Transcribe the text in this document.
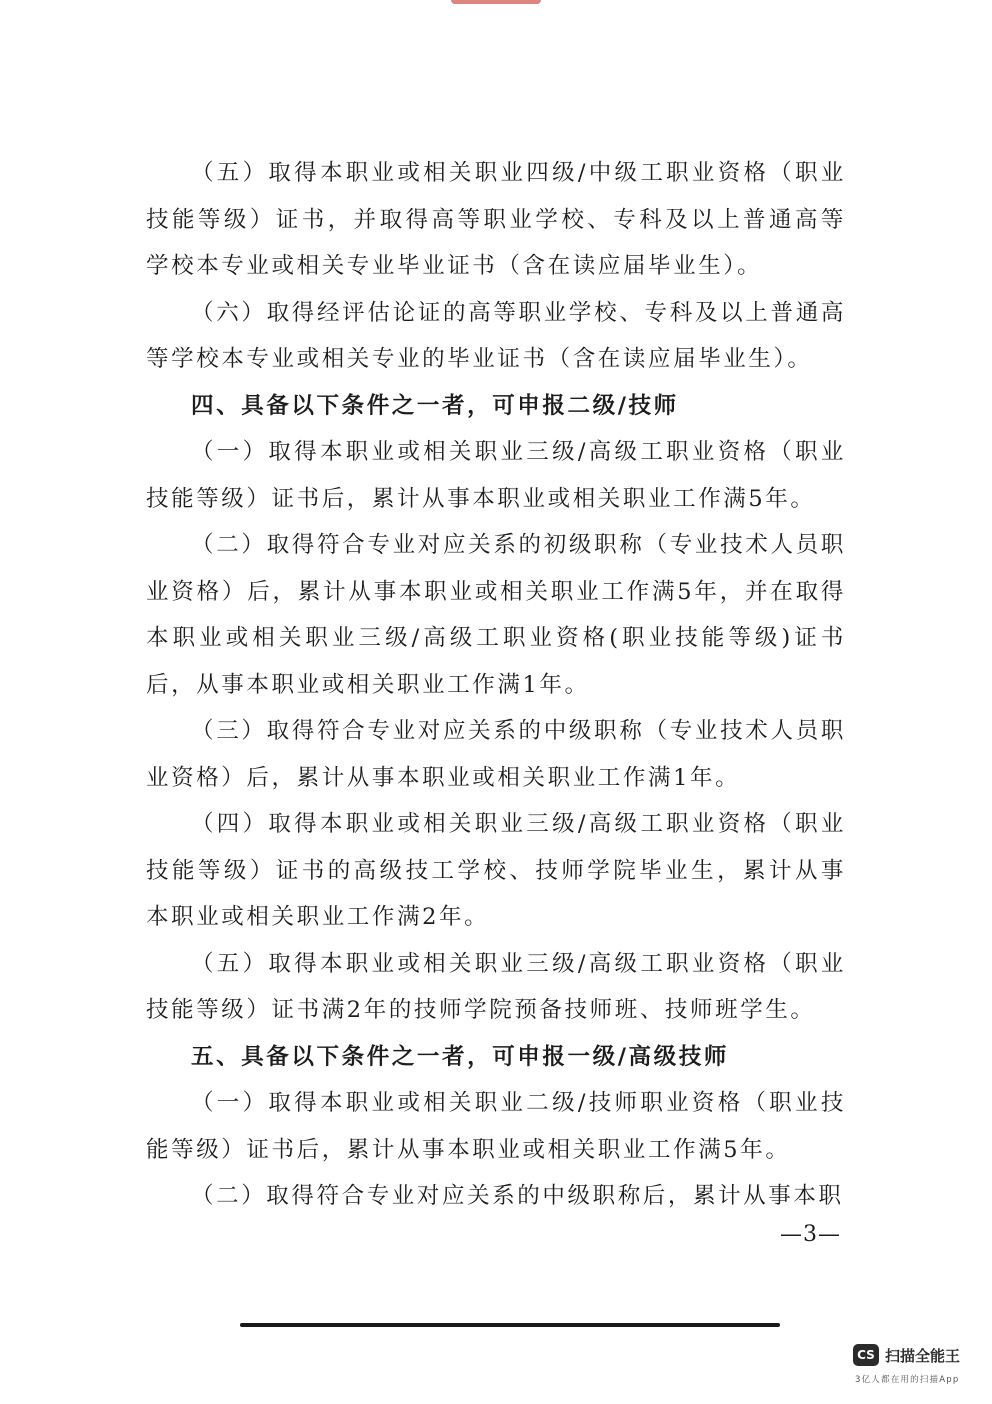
（五）取得本职业或相关职业四级/中级工职业资格（职业技能等级）证书，并取得高等职业学校、专科及以上普通高等学校本专业或相关专业毕业证书（含在读应届毕业生）。

（六）取得经评估论证的高等职业学校、专科及以上普通高等学校本专业或相关专业的毕业证书（含在读应届毕业生）。

四、具备以下条件之一者，可申报二级/技师

（一）取得本职业或相关职业三级/高级工职业资格（职业技能等级）证书后，累计从事本职业或相关职业工作满5年。

（二）取得符合专业对应关系的初级职称（专业技术人员职业资格）后，累计从事本职业或相关职业工作满5年，并在取得本职业或相关职业三级/高级工职业资格(职业技能等级)证书后，从事本职业或相关职业工作满1年。

（三）取得符合专业对应关系的中级职称（专业技术人员职业资格）后，累计从事本职业或相关职业工作满1年。

（四）取得本职业或相关职业三级/高级工职业资格（职业技能等级）证书的高级技工学校、技师学院毕业生，累计从事本职业或相关职业工作满2年。

（五）取得本职业或相关职业三级/高级工职业资格（职业技能等级）证书满2年的技师学院预备技师班、技师班学生。

五、具备以下条件之一者，可申报一级/高级技师

（一）取得本职业或相关职业二级/技师职业资格（职业技能等级）证书后，累计从事本职业或相关职业工作满5年。

（二）取得符合专业对应关系的中级职称后，累计从事本职

—3—
CS 扫描全能王
3亿人都在用的扫描App
